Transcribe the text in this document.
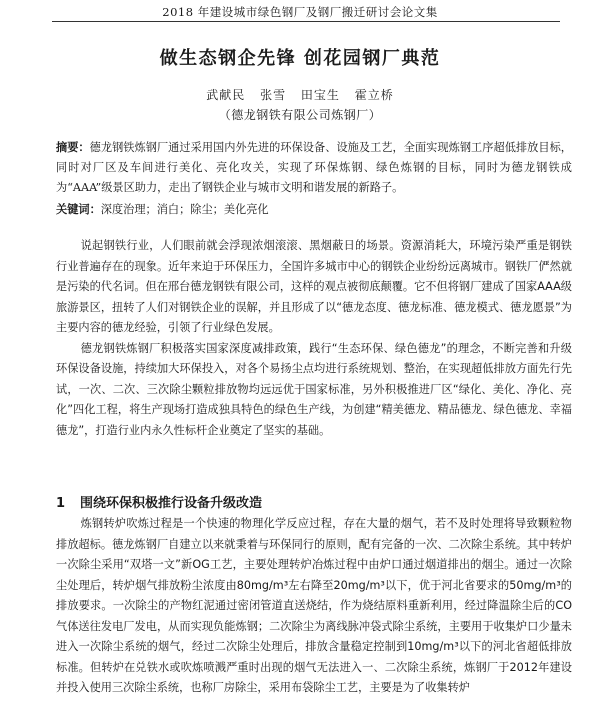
2018 年建设城市绿色钢厂及钢厂搬迁研讨会论文集
做生态钢企先锋 创花园钢厂典范
武献民 张雪 田宝生 霍立桥
（德龙钢铁有限公司炼钢厂）
摘要：德龙钢铁炼钢厂通过采用国内外先进的环保设备、设施及工艺，全面实现炼钢工序超低排放目标，同时对厂区及车间进行美化、亮化攻关，实现了环保炼钢、绿色炼钢的目标，同时为德龙钢铁成为“AAA”级景区助力，走出了钢铁企业与城市文明和谐发展的新路子。
关键词：深度治理；消白；除尘；美化亮化

说起钢铁行业，人们眼前就会浮现浓烟滚滚、黑烟蔽日的场景。资源消耗大，环境污染严重是钢铁行业普遍存在的现象。近年来迫于环保压力，全国许多城市中心的钢铁企业纷纷远离城市。钢铁厂俨然就是污染的代名词。但在邢台德龙钢铁有限公司，这样的观点被彻底颠覆。它不但将钢厂建成了国家AAA级旅游景区，扭转了人们对钢铁企业的误解，并且形成了以“德龙态度、德龙标准、德龙模式、德龙愿景”为主要内容的德龙经验，引领了行业绿色发展。

德龙钢铁炼钢厂积极落实国家深度减排政策，践行“生态环保、绿色德龙”的理念，不断完善和升级环保设备设施，持续加大环保投入，对各个易扬尘点均进行系统规划、整治，在实现超低排放方面先行先试，一次、二次、三次除尘颗粒排放物均远远优于国家标准，另外积极推进厂区“绿化、美化、净化、亮化”四化工程，将生产现场打造成独具特色的绿色生产线，为创建“精美德龙、精品德龙、绿色德龙、幸福德龙”，打造行业内永久性标杆企业奠定了坚实的基础。

1 围绕环保积极推行设备升级改造

炼钢转炉吹炼过程是一个快速的物理化学反应过程，存在大量的烟气，若不及时处理将导致颗粒物排放超标。德龙炼钢厂自建立以来就秉着与环保同行的原则，配有完备的一次、二次除尘系统。其中转炉一次除尘采用“双塔一文”新OG工艺，主要处理转炉冶炼过程中由炉口通过烟道排出的烟尘。通过一次除尘处理后，转炉烟气排放粉尘浓度由80mg/m³左右降至20mg/m³以下，优于河北省要求的50mg/m³的排放要求。一次除尘的产物红泥通过密闭管道直送烧结，作为烧结原料重新利用，经过降温除尘后的CO气体送往发电厂发电，从而实现负能炼钢；二次除尘为离线脉冲袋式除尘系统，主要用于收集炉口少量未进入一次除尘系统的烟气，经过二次除尘处理后，排放含量稳定控制到10mg/m³以下的河北省超低排放标准。但转炉在兑铁水或吹炼喷溅严重时出现的烟气无法进入一、二次除尘系统，炼钢厂于2012年建设并投入使用三次除尘系统，也称厂房除尘，采用布袋除尘工艺，主要是为了收集转炉
